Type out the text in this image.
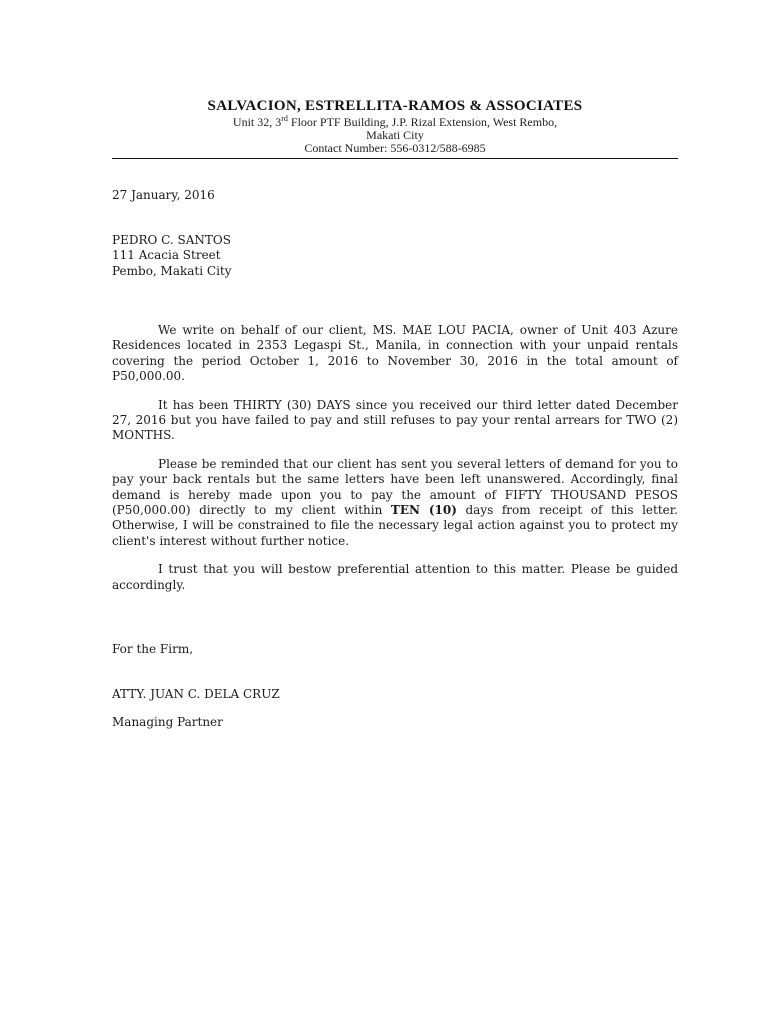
SALVACION, ESTRELLITA-RAMOS & ASSOCIATES
Unit 32, 3rd Floor PTF Building, J.P. Rizal Extension, West Rembo,
Makati City
Contact Number: 556-0312/588-6985
27 January, 2016
PEDRO C. SANTOS
111 Acacia Street
Pembo, Makati City

We write on behalf of our client, MS. MAE LOU PACIA, owner of Unit 403 Azure Residences located in 2353 Legaspi St., Manila, in connection with your unpaid rentals covering the period October 1, 2016 to November 30, 2016 in the total amount of P50,000.00.

It has been THIRTY (30) DAYS since you received our third letter dated December 27, 2016 but you have failed to pay and still refuses to pay your rental arrears for TWO (2) MONTHS.

Please be reminded that our client has sent you several letters of demand for you to pay your back rentals but the same letters have been left unanswered. Accordingly, final demand is hereby made upon you to pay the amount of FIFTY THOUSAND PESOS (P50,000.00) directly to my client within TEN (10) days from receipt of this letter. Otherwise, I will be constrained to file the necessary legal action against you to protect my client's interest without further notice.

I trust that you will bestow preferential attention to this matter. Please be guided accordingly.

For the Firm,
ATTY. JUAN C. DELA CRUZ
Managing Partner
